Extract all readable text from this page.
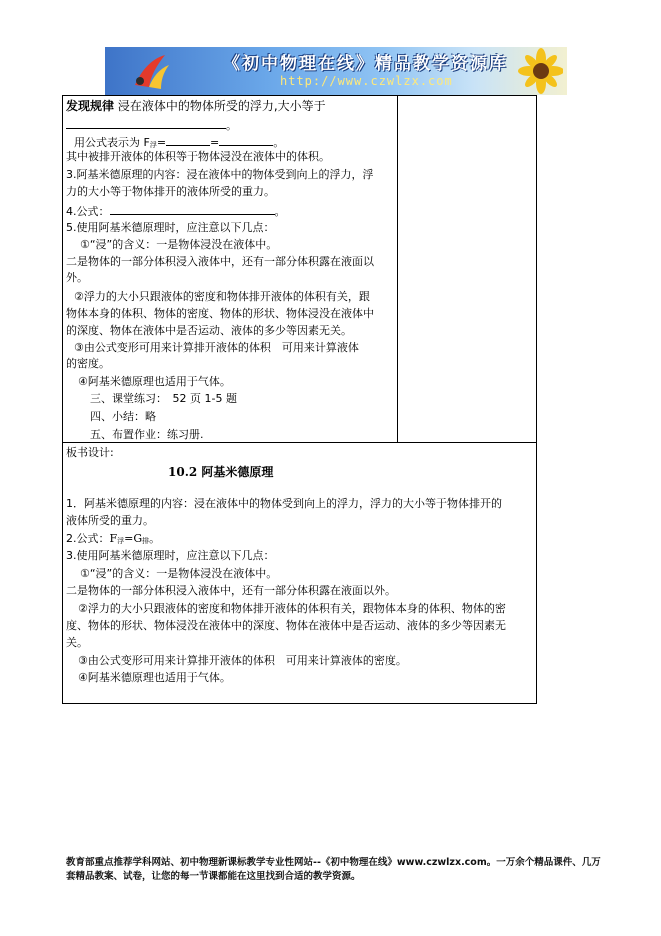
《初中物理在线》精品教学资源库
http://www.czwlzx.com
发现规律 浸在液体中的物体所受的浮力,大小等于
。
用公式表示为 F浮=	=	。
其中被排开液体的体积等于物体浸没在液体中的体积。
3.阿基米德原理的内容：浸在液体中的物体受到向上的浮力，浮
力的大小等于物体排开的液体所受的重力。
4.公式：	。
5.使用阿基米德原理时，应注意以下几点：
①“浸”的含义：一是物体浸没在液体中。
二是物体的一部分体积浸入液体中，还有一部分体积露在液面以
外。
②浮力的大小只跟液体的密度和物体排开液体的体积有关，跟
物体本身的体积、物体的密度、物体的形状、物体浸没在液体中
的深度、物体在液体中是否运动、液体的多少等因素无关。
③由公式变形可用来计算排开液体的体积　可用来计算液体
的密度。
④阿基米德原理也适用于气体。
三、课堂练习：　52 页 1-5 题
四、小结：略
五、布置作业：练习册.
板书设计:
10.2 阿基米德原理
1．阿基米德原理的内容：浸在液体中的物体受到向上的浮力，浮力的大小等于物体排开的
液体所受的重力。
2.公式：F浮=G排。
3.使用阿基米德原理时，应注意以下几点：
①“浸”的含义：一是物体浸没在液体中。
二是物体的一部分体积浸入液体中，还有一部分体积露在液面以外。
②浮力的大小只跟液体的密度和物体排开液体的体积有关，跟物体本身的体积、物体的密
度、物体的形状、物体浸没在液体中的深度、物体在液体中是否运动、液体的多少等因素无
关。
③由公式变形可用来计算排开液体的体积　可用来计算液体的密度。
④阿基米德原理也适用于气体。
教育部重点推荐学科网站、初中物理新课标教学专业性网站--《初中物理在线》www.czwlzx.com。一万余个精品课件、几万
套精品教案、试卷，让您的每一节课都能在这里找到合适的教学资源。
